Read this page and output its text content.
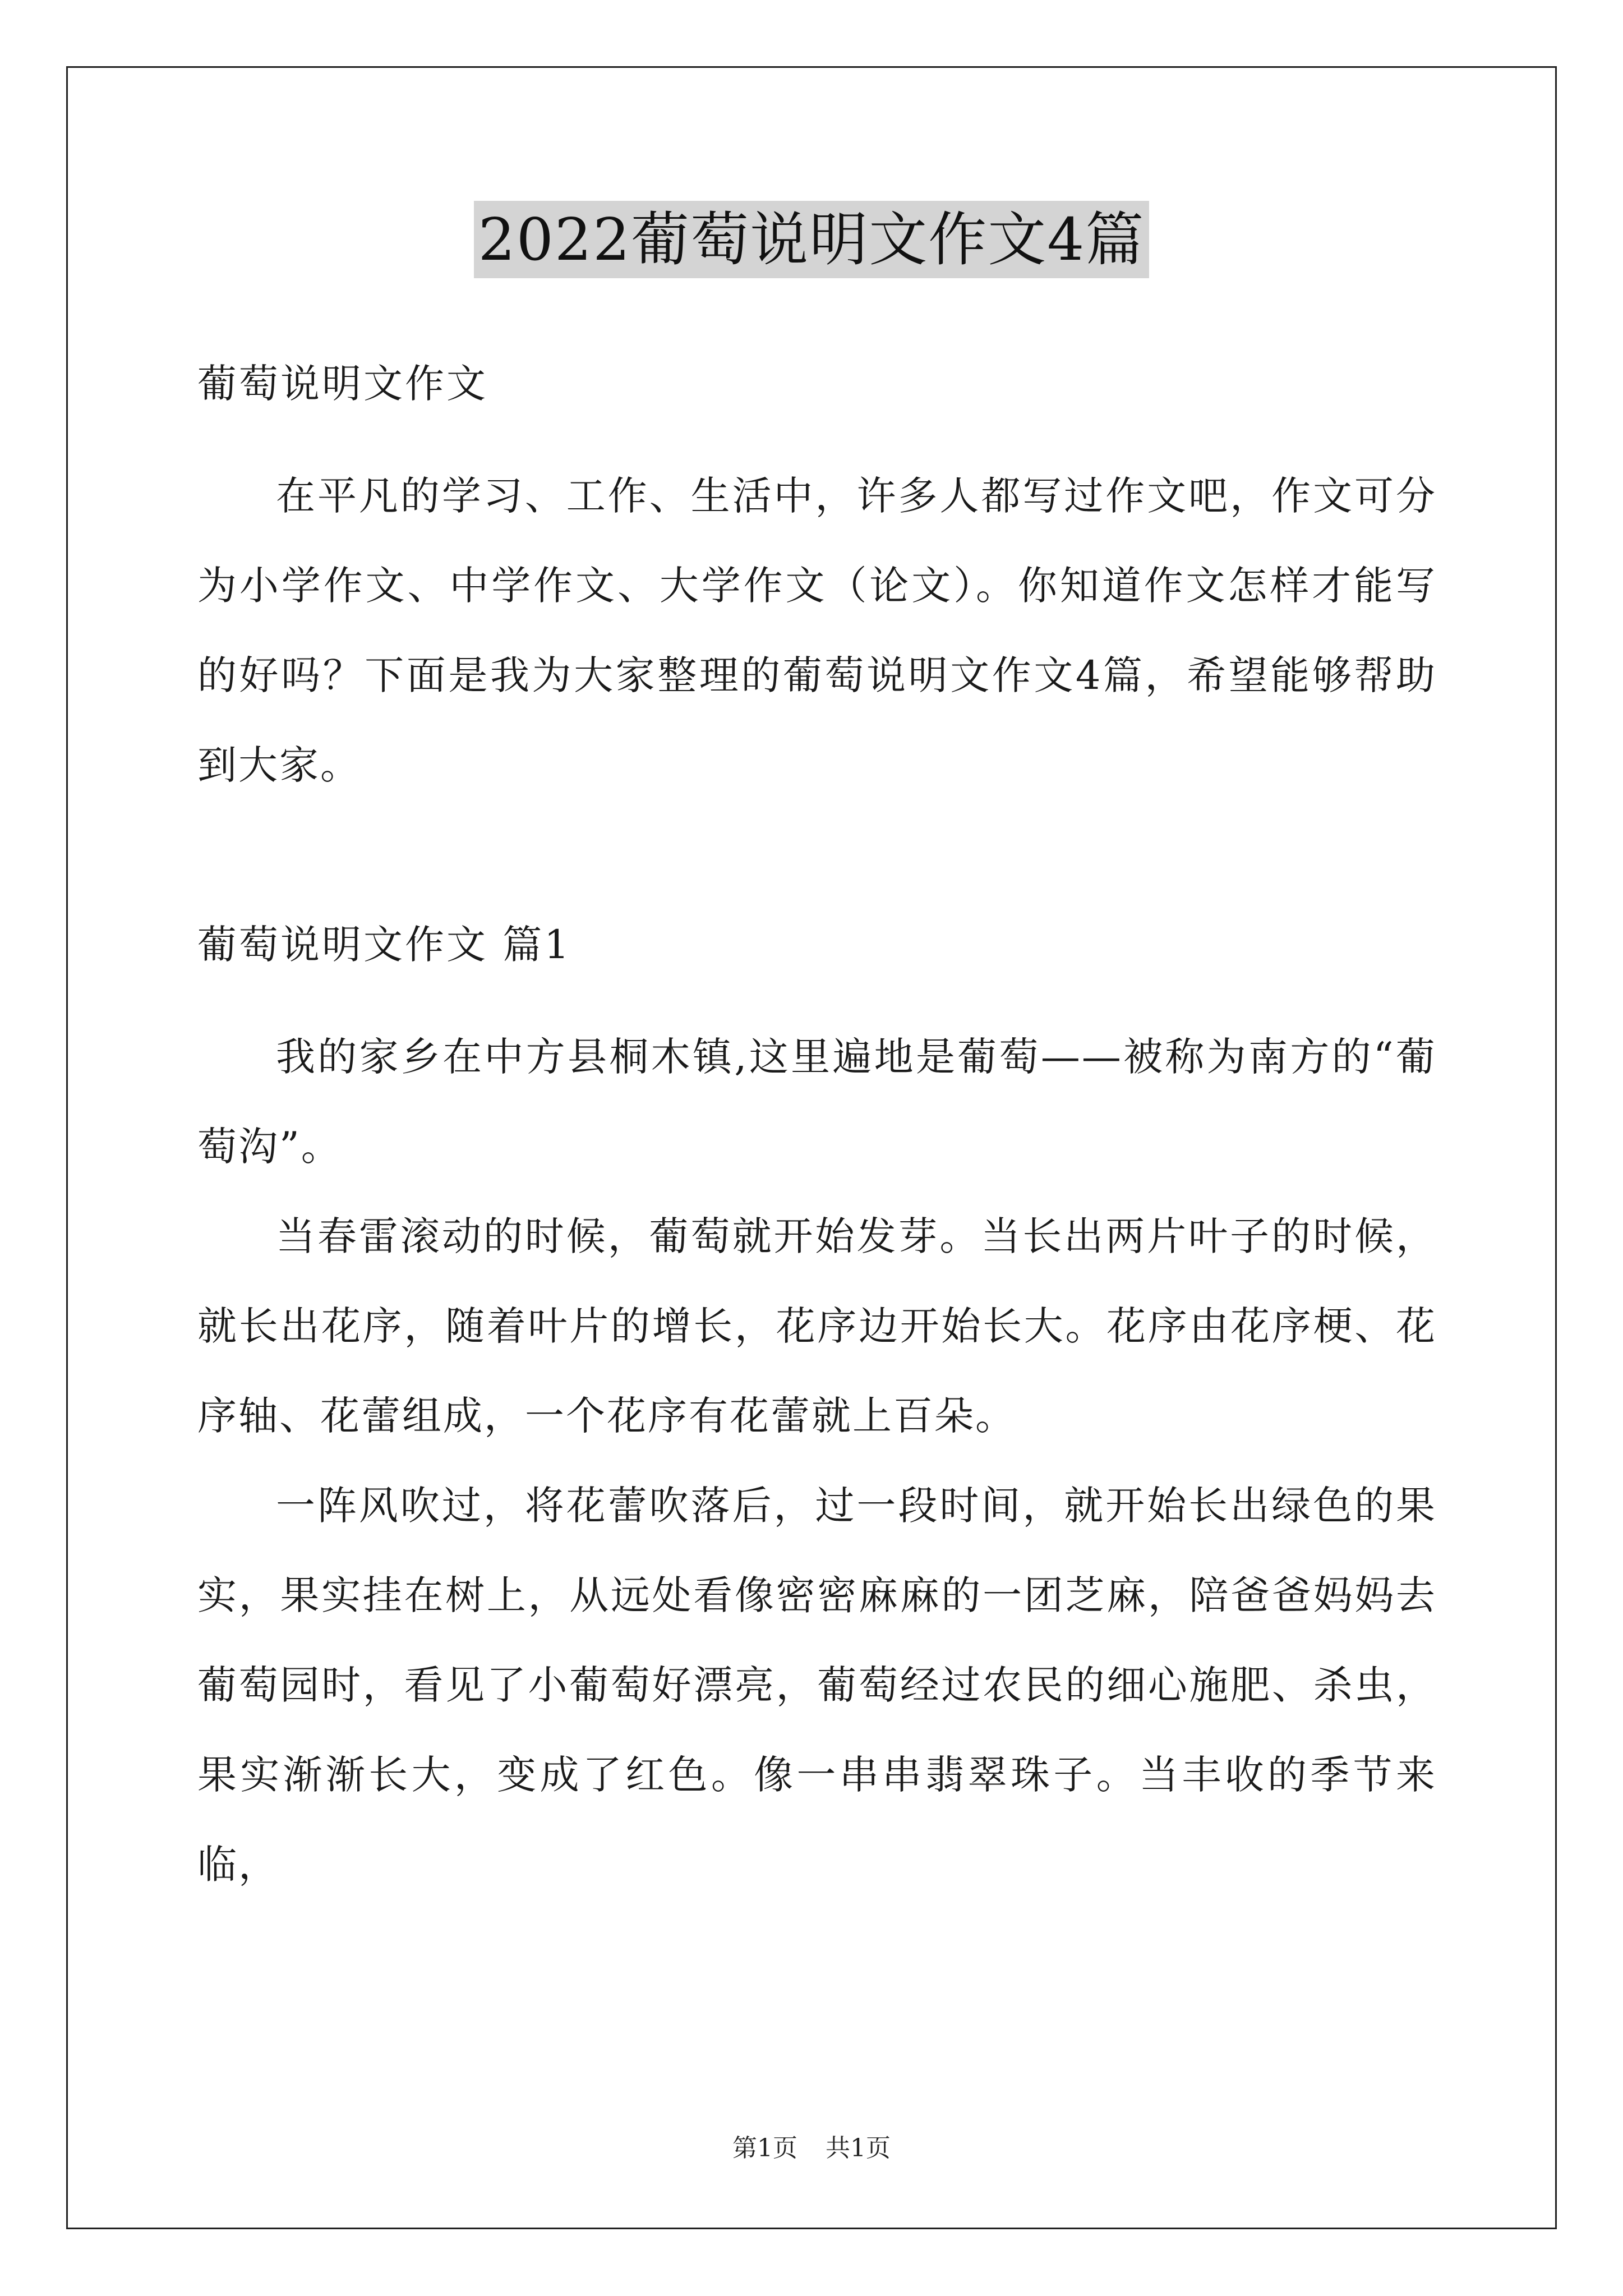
2022葡萄说明文作文4篇

葡萄说明文作文

在平凡的学习、工作、生活中，许多人都写过作文吧，作文可分为小学作文、中学作文、大学作文（论文）。你知道作文怎样才能写的好吗？下面是我为大家整理的葡萄说明文作文4篇，希望能够帮助到大家。

葡萄说明文作文 篇1

我的家乡在中方县桐木镇,这里遍地是葡萄——被称为南方的“葡萄沟”。

当春雷滚动的时候，葡萄就开始发芽。当长出两片叶子的时候，就长出花序，随着叶片的增长，花序边开始长大。花序由花序梗、花序轴、花蕾组成，一个花序有花蕾就上百朵。

一阵风吹过，将花蕾吹落后，过一段时间，就开始长出绿色的果实，果实挂在树上，从远处看像密密麻麻的一团芝麻，陪爸爸妈妈去葡萄园时，看见了小葡萄好漂亮，葡萄经过农民的细心施肥、杀虫，果实渐渐长大，变成了红色。像一串串翡翠珠子。当丰收的季节来临，

第1页 共1页
